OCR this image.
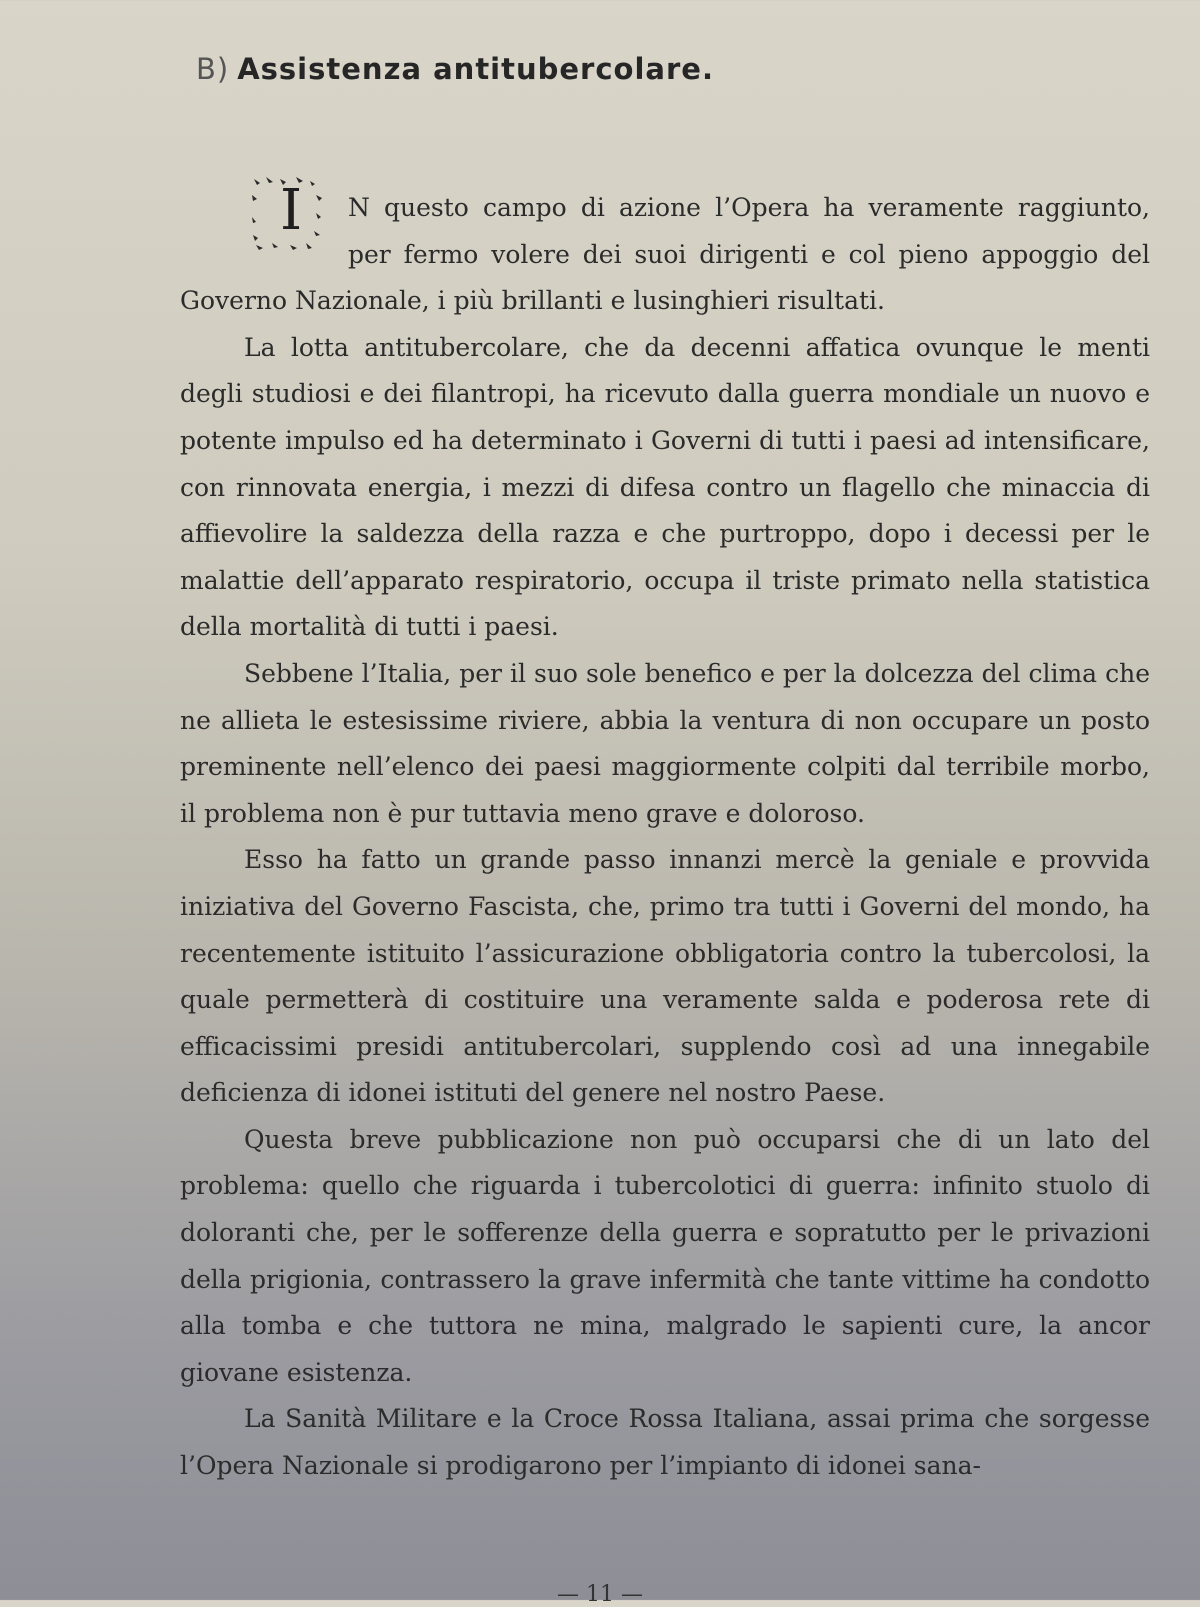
B) Assistenza antitubercolare.

I N questo campo di azione l’Opera ha veramente raggiunto, per fermo volere dei suoi dirigenti e col pieno appoggio del Governo Nazionale, i più brillanti e lusinghieri risultati.

La lotta antitubercolare, che da decenni affatica ovunque le menti degli studiosi e dei filantropi, ha ricevuto dalla guerra mondiale un nuovo e potente impulso ed ha determinato i Governi di tutti i paesi ad intensificare, con rinnovata energia, i mezzi di difesa contro un flagello che minaccia di affievolire la saldezza della razza e che purtroppo, dopo i decessi per le malattie dell’apparato respiratorio, occupa il triste primato nella statistica della mortalità di tutti i paesi.

Sebbene l’Italia, per il suo sole benefico e per la dolcezza del clima che ne allieta le estesissime riviere, abbia la ventura di non occupare un posto preminente nell’elenco dei paesi maggiormente colpiti dal terribile morbo, il problema non è pur tuttavia meno grave e doloroso.

Esso ha fatto un grande passo innanzi mercè la geniale e provvida iniziativa del Governo Fascista, che, primo tra tutti i Governi del mondo, ha recentemente istituito l’assicurazione obbligatoria contro la tubercolosi, la quale permetterà di costituire una veramente salda e poderosa rete di efficacissimi presidi antitubercolari, supplendo così ad una innegabile deficienza di idonei istituti del genere nel nostro Paese.

Questa breve pubblicazione non può occuparsi che di un lato del problema: quello che riguarda i tubercolotici di guerra: infinito stuolo di doloranti che, per le sofferenze della guerra e sopratutto per le privazioni della prigionia, contrassero la grave infermità che tante vittime ha condotto alla tomba e che tuttora ne mina, malgrado le sapienti cure, la ancor giovane esistenza.

La Sanità Militare e la Croce Rossa Italiana, assai prima che sorgesse l’Opera Nazionale si prodigarono per l’impianto di idonei sana-

— 11 —
